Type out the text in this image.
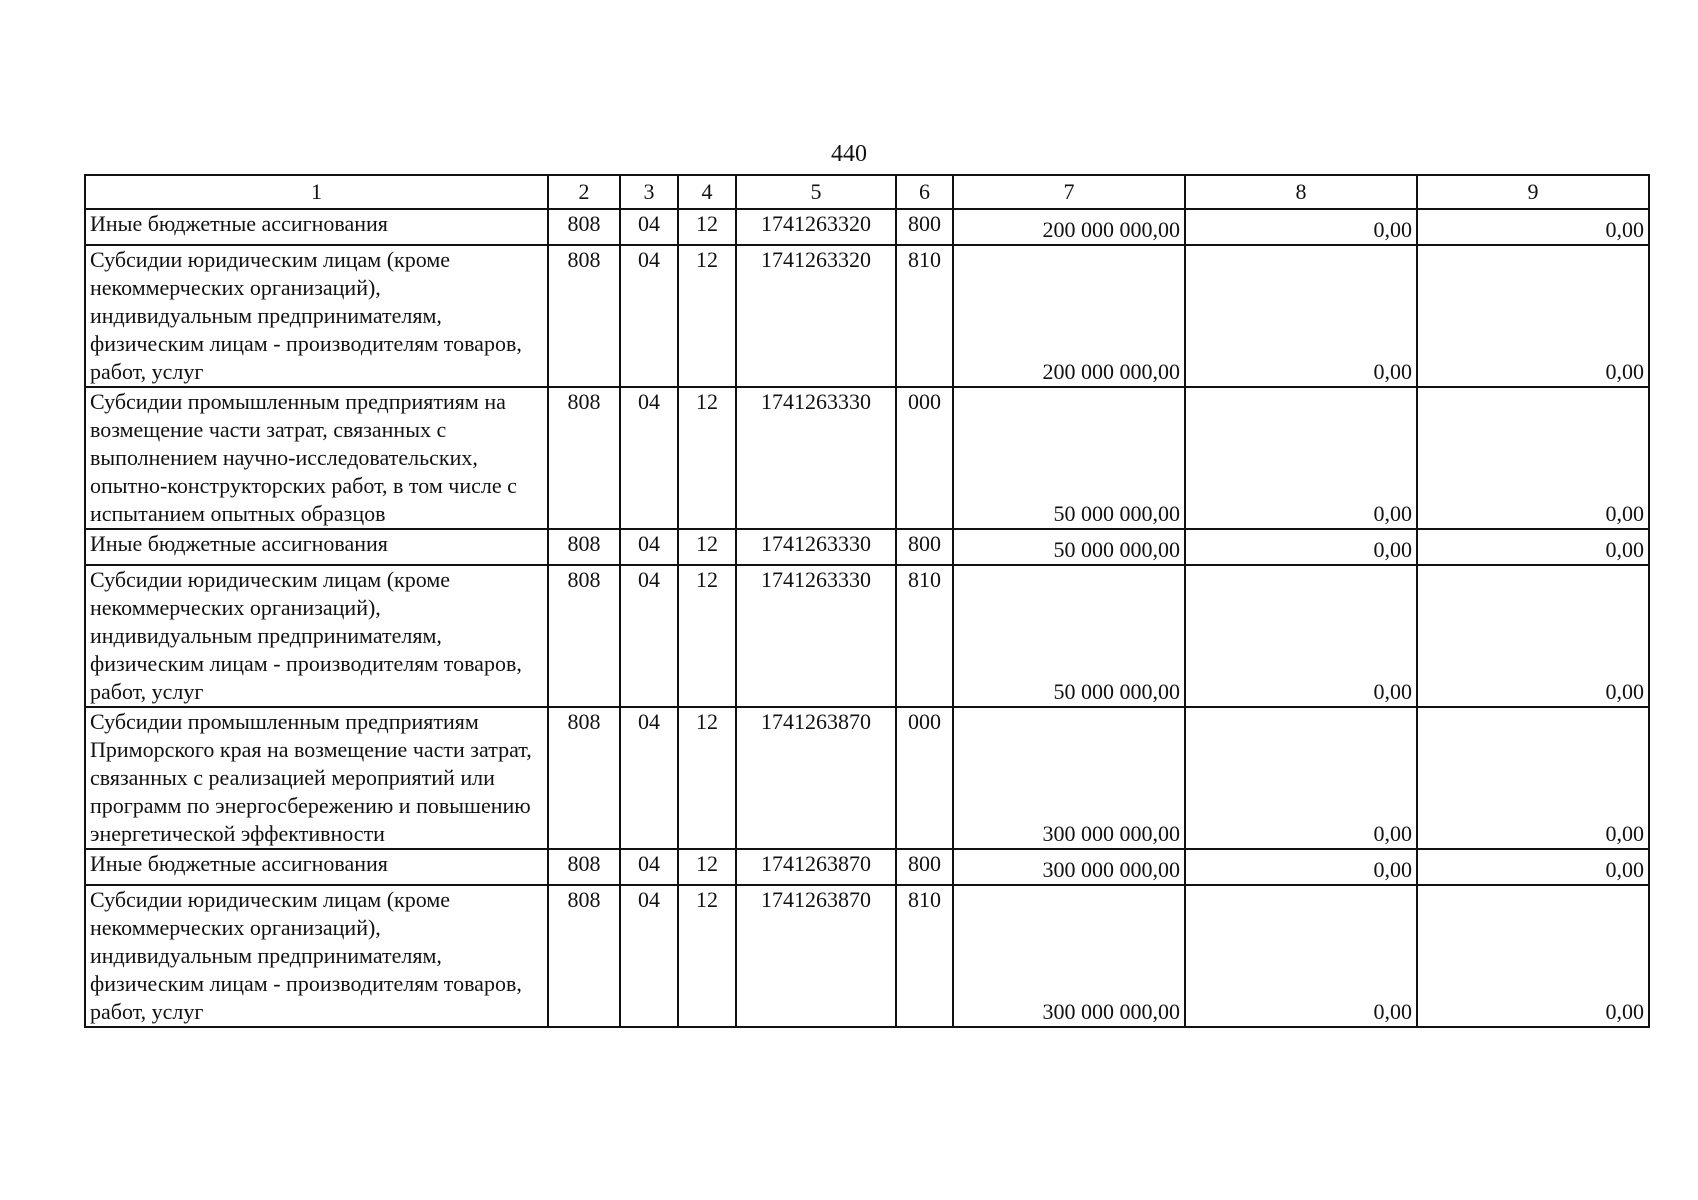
440
1	2	3	4	5	6	7	8	9
Иные бюджетные ассигнования	808	04	12	1741263320	800	200 000 000,00	0,00	0,00
Субсидии юридическим лицам (кроме некоммерческих организаций), индивидуальным предпринимателям, физическим лицам - производителям товаров, работ, услуг	808	04	12	1741263320	810	200 000 000,00	0,00	0,00
Субсидии промышленным предприятиям на возмещение части затрат, связанных с выполнением научно-исследовательских, опытно-конструкторских работ, в том числе с испытанием опытных образцов	808	04	12	1741263330	000	50 000 000,00	0,00	0,00
Иные бюджетные ассигнования	808	04	12	1741263330	800	50 000 000,00	0,00	0,00
Субсидии юридическим лицам (кроме некоммерческих организаций), индивидуальным предпринимателям, физическим лицам - производителям товаров, работ, услуг	808	04	12	1741263330	810	50 000 000,00	0,00	0,00
Субсидии промышленным предприятиям Приморского края на возмещение части затрат, связанных с реализацией мероприятий или программ по энергосбережению и повышению энергетической эффективности	808	04	12	1741263870	000	300 000 000,00	0,00	0,00
Иные бюджетные ассигнования	808	04	12	1741263870	800	300 000 000,00	0,00	0,00
Субсидии юридическим лицам (кроме некоммерческих организаций), индивидуальным предпринимателям, физическим лицам - производителям товаров, работ, услуг	808	04	12	1741263870	810	300 000 000,00	0,00	0,00
